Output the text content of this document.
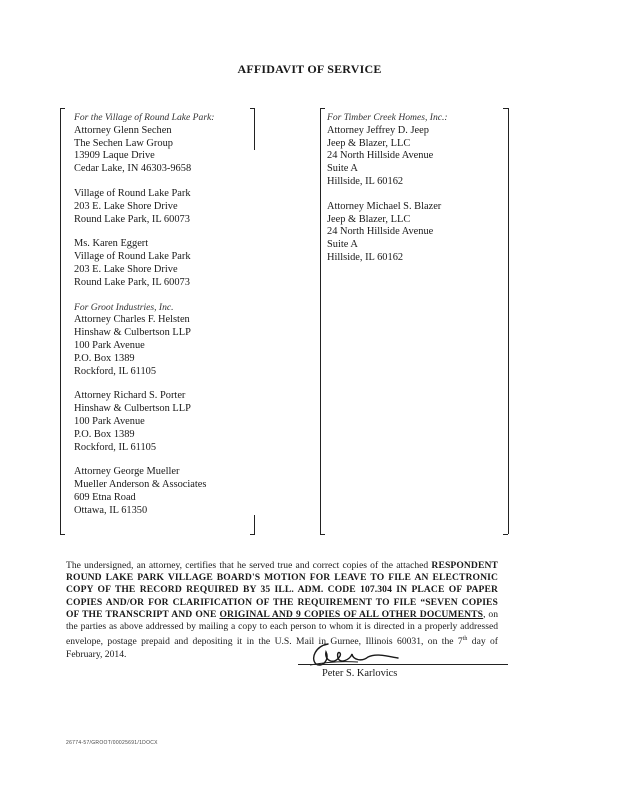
AFFIDAVIT OF SERVICE
For the Village of Round Lake Park:
Attorney Glenn Sechen
The Sechen Law Group
13909 Laque Drive
Cedar Lake, IN 46303-9658
Village of Round Lake Park
203 E. Lake Shore Drive
Round Lake Park, IL 60073
Ms. Karen Eggert
Village of Round Lake Park
203 E. Lake Shore Drive
Round Lake Park, IL 60073
For Groot Industries, Inc.
Attorney Charles F. Helsten
Hinshaw & Culbertson LLP
100 Park Avenue
P.O. Box 1389
Rockford, IL 61105
Attorney Richard S. Porter
Hinshaw & Culbertson LLP
100 Park Avenue
P.O. Box 1389
Rockford, IL 61105
Attorney George Mueller
Mueller Anderson & Associates
609 Etna Road
Ottawa, IL 61350
For Timber Creek Homes, Inc.:
Attorney Jeffrey D. Jeep
Jeep & Blazer, LLC
24 North Hillside Avenue
Suite A
Hillside, IL 60162
Attorney Michael S. Blazer
Jeep & Blazer, LLC
24 North Hillside Avenue
Suite A
Hillside, IL 60162
The undersigned, an attorney, certifies that he served true and correct copies of the attached RESPONDENT ROUND LAKE PARK VILLAGE BOARD'S MOTION FOR LEAVE TO FILE AN ELECTRONIC COPY OF THE RECORD REQUIRED BY 35 ILL. ADM. CODE 107.304 IN PLACE OF PAPER COPIES AND/OR FOR CLARIFICATION OF THE REQUIREMENT TO FILE “SEVEN COPIES OF THE TRANSCRIPT AND ONE ORIGINAL AND 9 COPIES OF ALL OTHER DOCUMENTS, on the parties as above addressed by mailing a copy to each person to whom it is directed in a properly addressed envelope, postage prepaid and depositing it in the U.S. Mail in Gurnee, Illinois 60031, on the 7th day of February, 2014.
Peter S. Karlovics
26774-57/GROOT/00025691/1DOCX
